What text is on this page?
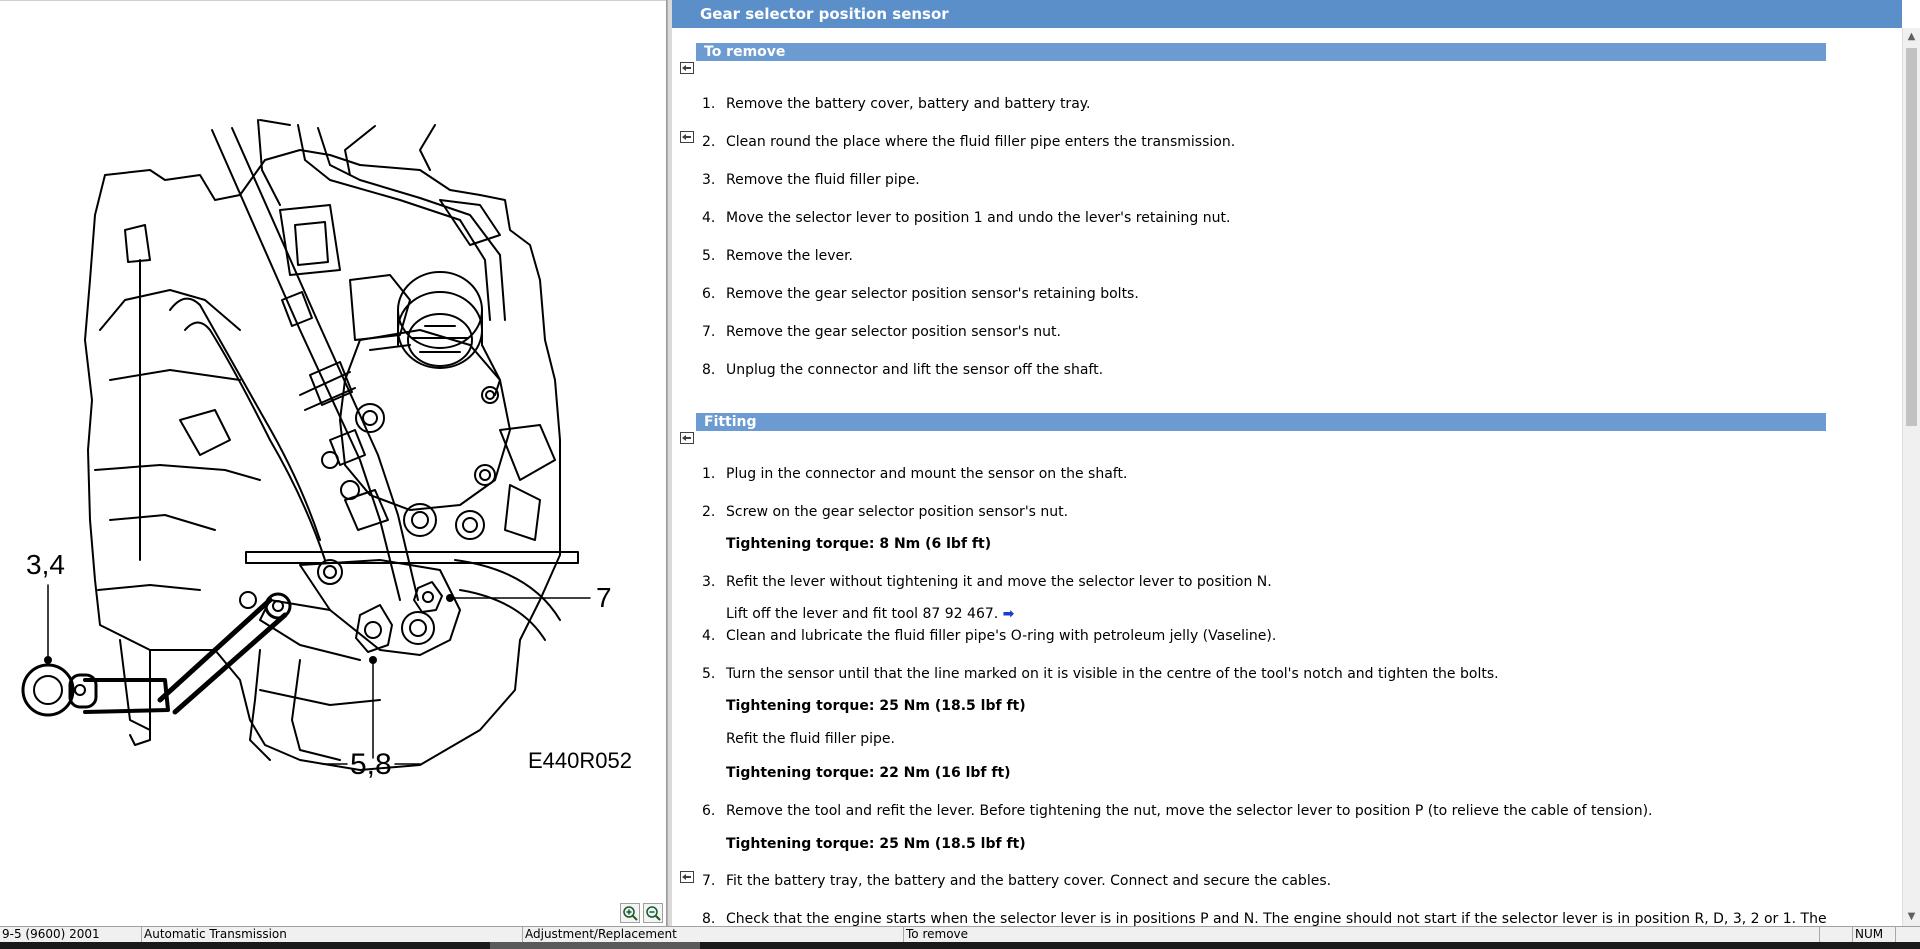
3,4
7
5,8	E440R052
Gear selector position sensor
To remove
1. Remove the battery cover, battery and battery tray.
2. Clean round the place where the fluid filler pipe enters the transmission.
3. Remove the fluid filler pipe.
4. Move the selector lever to position 1 and undo the lever's retaining nut.
5. Remove the lever.
6. Remove the gear selector position sensor's retaining bolts.
7. Remove the gear selector position sensor's nut.
8. Unplug the connector and lift the sensor off the shaft.
Fitting
1. Plug in the connector and mount the sensor on the shaft.
2. Screw on the gear selector position sensor's nut.
Tightening torque: 8 Nm (6 lbf ft)
3. Refit the lever without tightening it and move the selector lever to position N.
Lift off the lever and fit tool 87 92 467. ➡
4. Clean and lubricate the fluid filler pipe's O-ring with petroleum jelly (Vaseline).
5. Turn the sensor until that the line marked on it is visible in the centre of the tool's notch and tighten the bolts.
Tightening torque: 25 Nm (18.5 lbf ft)
Refit the fluid filler pipe.
Tightening torque: 22 Nm (16 lbf ft)
6. Remove the tool and refit the lever. Before tightening the nut, move the selector lever to position P (to relieve the cable of tension).
Tightening torque: 25 Nm (18.5 lbf ft)
7. Fit the battery tray, the battery and the battery cover. Connect and secure the cables.
8. Check that the engine starts when the selector lever is in positions P and N. The engine should not start if the selector lever is in position R, D, 3, 2 or 1. The
▲
▼
9-5 (9600) 2001	Automatic Transmission	Adjustment/Replacement	To remove	NUM
